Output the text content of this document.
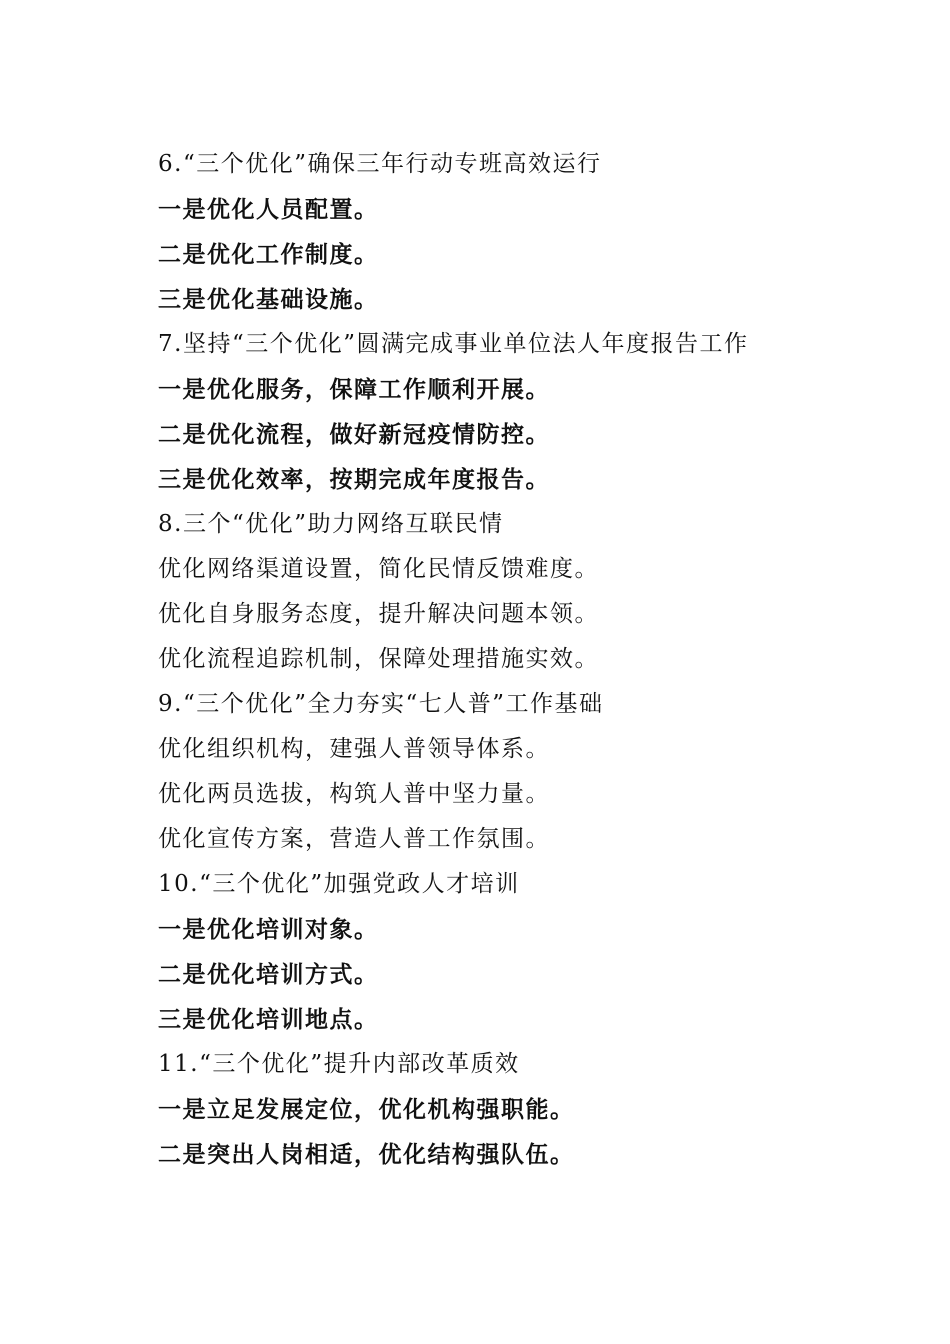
6.“三个优化”确保三年行动专班高效运行
一是优化人员配置。
二是优化工作制度。
三是优化基础设施。
7.坚持“三个优化”圆满完成事业单位法人年度报告工作
一是优化服务，保障工作顺利开展。
二是优化流程，做好新冠疫情防控。
三是优化效率，按期完成年度报告。
8.三个“优化”助力网络互联民情
优化网络渠道设置，简化民情反馈难度。
优化自身服务态度，提升解决问题本领。
优化流程追踪机制，保障处理措施实效。
9.“三个优化”全力夯实“七人普”工作基础
优化组织机构，建强人普领导体系。
优化两员选拔，构筑人普中坚力量。
优化宣传方案，营造人普工作氛围。
10.“三个优化”加强党政人才培训
一是优化培训对象。
二是优化培训方式。
三是优化培训地点。
11.“三个优化”提升内部改革质效
一是立足发展定位，优化机构强职能。
二是突出人岗相适，优化结构强队伍。
